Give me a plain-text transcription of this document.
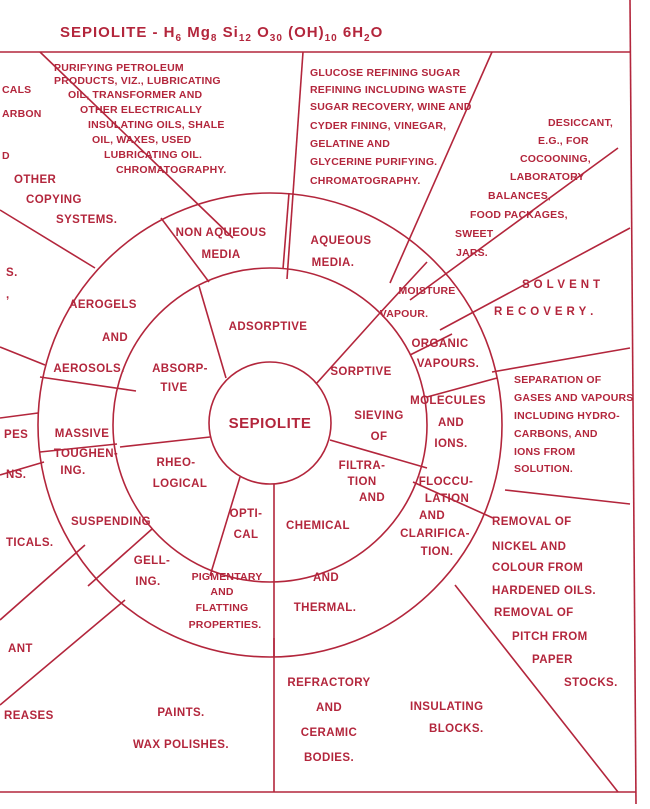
SEPIOLITE - $H_6$ $Mg_8$ $Si_{12}$ $O_{30}$ $(OH)_{10}$ $6H_2O$
SEPIOLITE
ADSORPTIVE
SORPTIVE
SIEVING
OF
FILTRA-
TION
AND
CHEMICAL
OPTI-
CAL
RHEO-
LOGICAL
ABSORP-
TIVE
NON AQUEOUS
MEDIA
AQUEOUS
MEDIA.
MOISTURE
VAPOUR.
ORGANIC
VAPOURS.
MOLECULES
AND
IONS.
FLOCCU-
LATION
AND
CLARIFICA-
TION.
AND
THERMAL.
PIGMENTARY
AND
FLATTING
PROPERTIES.
GELL-
ING.
SUSPENDING
TOUGHEN-
ING.
MASSIVE
AEROSOLS.
AEROGELS
AND
PURIFYING PETROLEUM
PRODUCTS, VIZ., LUBRICATING
OIL, TRANSFORMER AND
OTHER ELECTRICALLY
INSULATING OILS, SHALE
OIL, WAXES, USED
LUBRICATING OIL.
CHROMATOGRAPHY.
GLUCOSE REFINING SUGAR
REFINING INCLUDING WASTE
SUGAR RECOVERY, WINE AND
CYDER FINING, VINEGAR,
GELATINE AND
GLYCERINE PURIFYING.
CHROMATOGRAPHY.
DESICCANT,
E.G., FOR
COCOONING,
LABORATORY
BALANCES,
FOOD PACKAGES,
SWEET
JARS.
S O L V E N T
R E C O V E R Y .
SEPARATION OF
GASES AND VAPOURS
INCLUDING HYDRO-
CARBONS, AND
IONS FROM
SOLUTION.
REMOVAL OF
NICKEL AND
COLOUR FROM
HARDENED OILS.
REMOVAL OF
PITCH FROM
PAPER
STOCKS.
INSULATING
BLOCKS.
REFRACTORY
AND
CERAMIC
BODIES.
PAINTS.
WAX POLISHES.
REASES
ANT
TICALS.
NS.
PES
S.
,
OTHER
COPYING
SYSTEMS.
CALS
ARBON
D
